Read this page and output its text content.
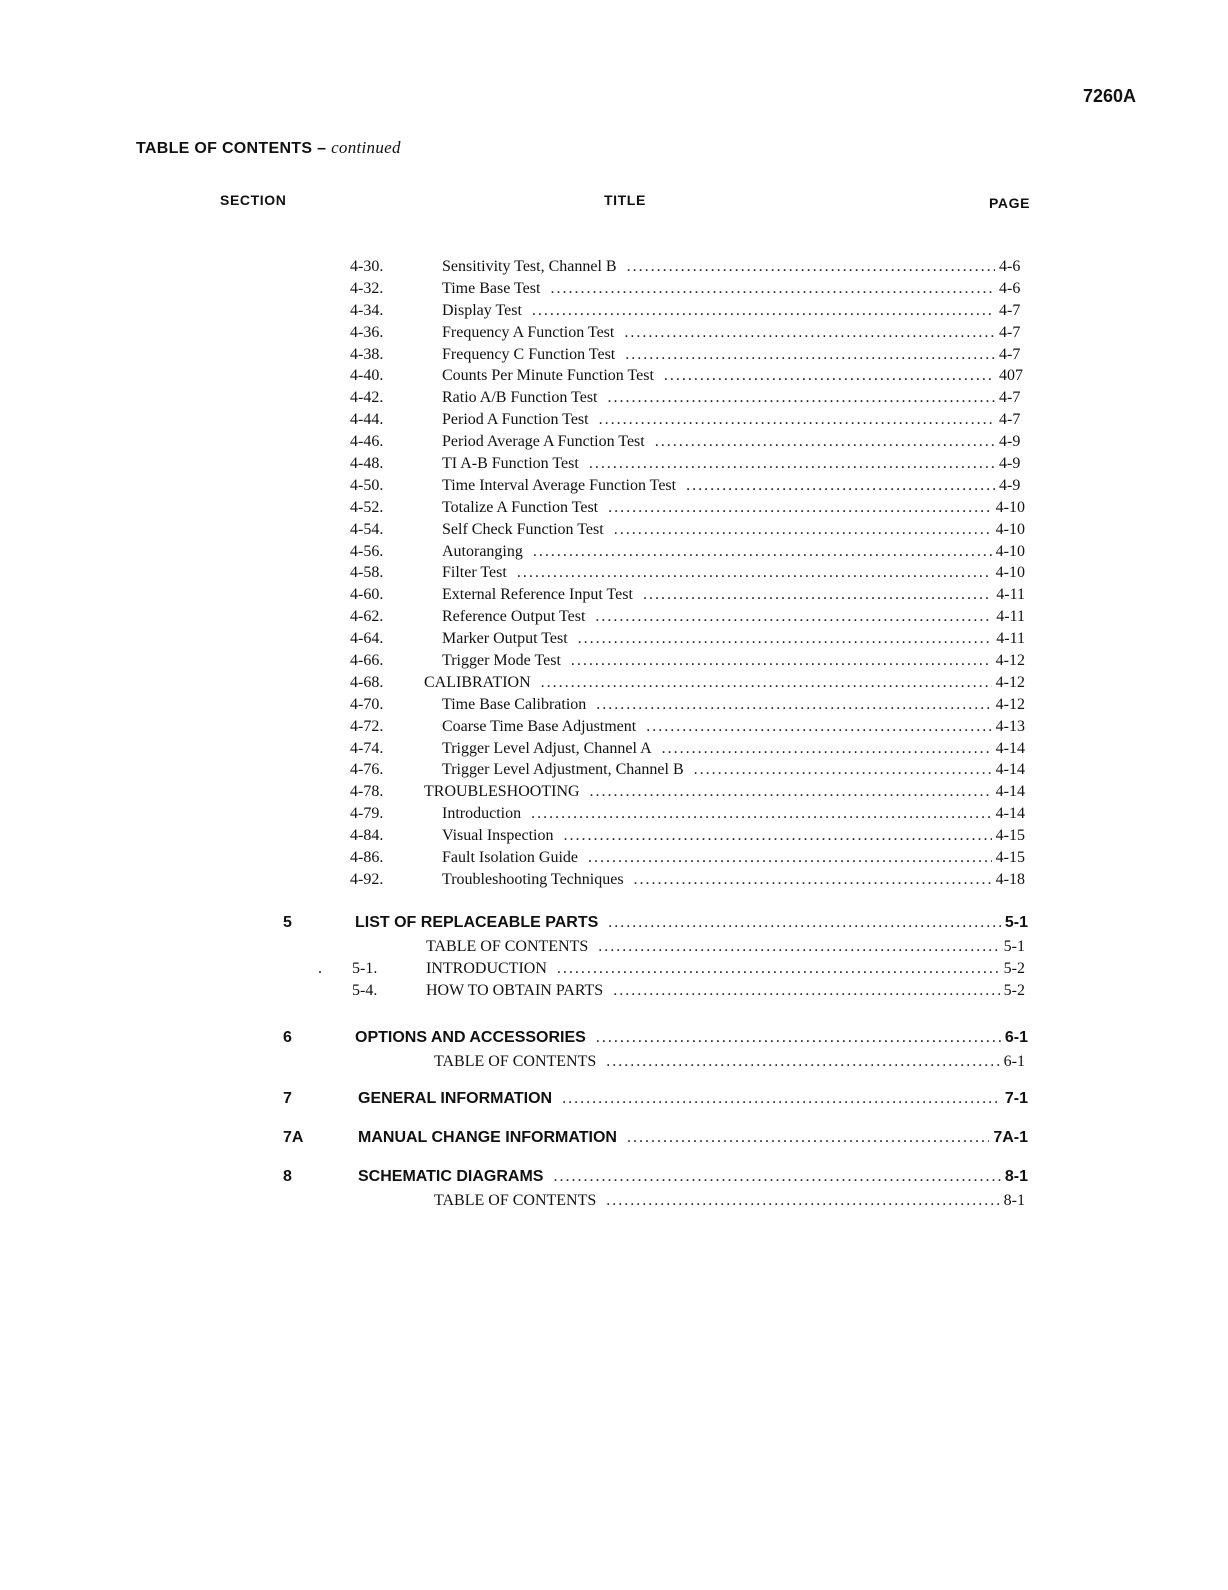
7260A
TABLE OF CONTENTS – continued
SECTION	TITLE	PAGE
4-30.	Sensitivity Test, Channel B . . .	4-6
4-32.	Time Base Test . . .	4-6
4-34.	Display Test . . .	4-7
4-36.	Frequency A Function Test . . .	4-7
4-38.	Frequency C Function Test . . .	4-7
4-40.	Counts Per Minute Function Test . . .	407
4-42.	Ratio A/B Function Test . . .	4-7
4-44.	Period A Function Test . . .	4-7
4-46.	Period Average A Function Test . . .	4-9
4-48.	TI A-B Function Test . . .	4-9
4-50.	Time Interval Average Function Test . . .	4-9
4-52.	Totalize A Function Test . . .	4-10
4-54.	Self Check Function Test . . .	4-10
4-56.	Autoranging . . .	4-10
4-58.	Filter Test . . .	4-10
4-60.	External Reference Input Test . . .	4-11
4-62.	Reference Output Test . . .	4-11
4-64.	Marker Output Test . . .	4-11
4-66.	Trigger Mode Test . . .	4-12
4-68.	CALIBRATION . . .	4-12
4-70.	Time Base Calibration . . .	4-12
4-72.	Coarse Time Base Adjustment . . .	4-13
4-74.	Trigger Level Adjust, Channel A . . .	4-14
4-76.	Trigger Level Adjustment, Channel B . . .	4-14
4-78.	TROUBLESHOOTING . . .	4-14
4-79.	Introduction . . .	4-14
4-84.	Visual Inspection . . .	4-15
4-86.	Fault Isolation Guide . . .	4-15
4-92.	Troubleshooting Techniques . . .	4-18
5	LIST OF REPLACEABLE PARTS . . .	5-1
TABLE OF CONTENTS . . .	5-1
. 5-1.	INTRODUCTION . . .	5-2
5-4.	HOW TO OBTAIN PARTS . . .	5-2
6	OPTIONS AND ACCESSORIES . . .	6-1
TABLE OF CONTENTS . . .	6-1
7	GENERAL INFORMATION . . .	7-1
7A	MANUAL CHANGE INFORMATION . . .	7A-1
8	SCHEMATIC DIAGRAMS . . .	8-1
TABLE OF CONTENTS . . .	8-1
